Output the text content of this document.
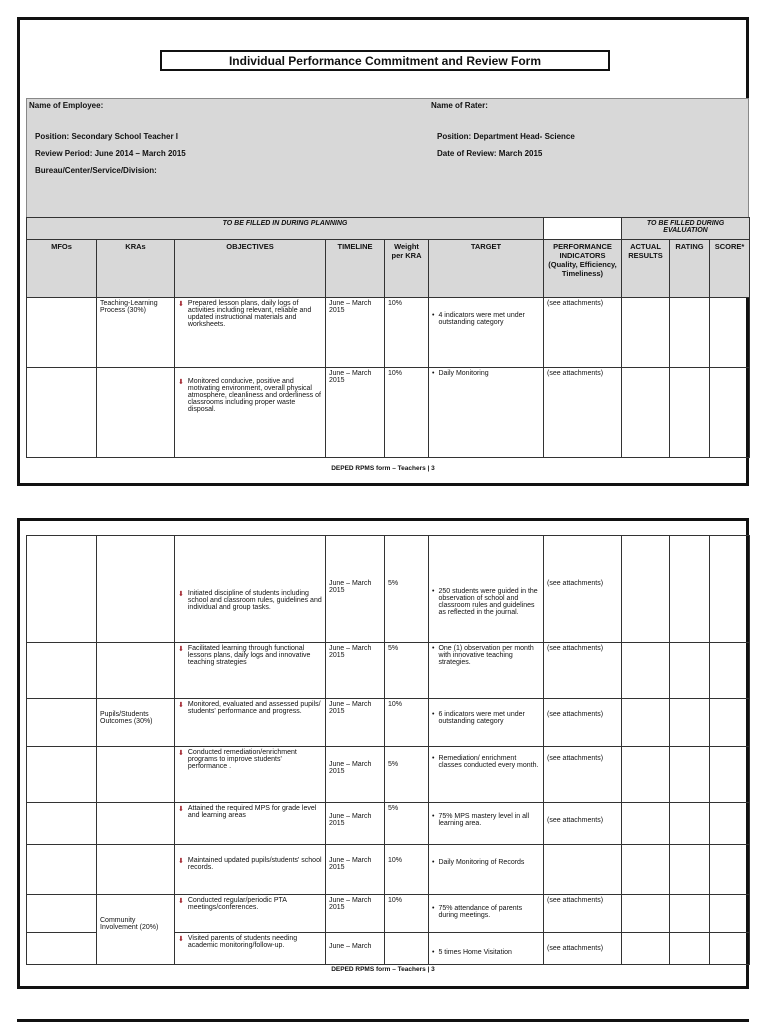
Individual Performance Commitment and Review Form
Name of Employee:	Name of Rater:
Position: Secondary School Teacher I	Position: Department Head- Science
Review Period: June 2014 – March 2015	Date of Review: March 2015
Bureau/Center/Service/Division:
TO BE FILLED IN DURING PLANNING							TO BE FILLED DURING EVALUATION		
MFOs	KRAs	OBJECTIVES	TIMELINE	Weight per KRA	TARGET	PERFORMANCE INDICATORS (Quality, Efficiency, Timeliness)	ACTUAL RESULTS	RATING	SCORE*
	Teaching-Learning Process (30%)	⬇ Prepared lesson plans, daily logs of activities including relevant, reliable and updated instructional materials and worksheets.	June – March 2015	10%	• 4 indicators were met under outstanding category	(see attachments)			

		⬇ Monitored conducive, positive and motivating environment, overall physical atmosphere, cleanliness and orderliness of classrooms including proper waste disposal.	June – March 2015	10%	• Daily Monitoring	(see attachments)			
DEPED RPMS form – Teachers | 3

		⬇ Initiated discipline of students including school and classroom rules, guidelines and individual and group tasks.	June – March 2015	5%	• 250 students were guided in the observation of school and classroom rules and guidelines as reflected in the journal.	(see attachments)			

		⬇ Facilitated learning through functional lessons plans, daily logs and innovative teaching strategies	June – March 2015	5%	• One (1) observation per month with innovative teaching strategies.	(see attachments)			
	Pupils/Students Outcomes (30%)	⬇ Monitored, evaluated and assessed pupils/ students' performance and progress.	June – March 2015	10%	• 6 indicators were met under outstanding category	(see attachments)			

		⬇ Conducted remediation/enrichment programs to improve students' performance .	June – March 2015	5%	• Remediation/ enrichment classes conducted every month.	(see attachments)			

		⬇ Attained the required MPS for grade level and learning areas	June – March 2015	5%	• 75% MPS mastery level in all learning area.	(see attachments)			

		⬇ Maintained updated pupils/students' school records.	June – March 2015	10%	• Daily Monitoring of Records				

	Community Involvement (20%)	⬇ Conducted regular/periodic PTA meetings/conferences.	June – March 2015	10%	• 75% attendance of parents during meetings.	(see attachments)			

		⬇ Visited parents of students needing academic monitoring/follow-up.	June – March		• 5 times Home Visitation	(see attachments)			
DEPED RPMS form – Teachers | 3
